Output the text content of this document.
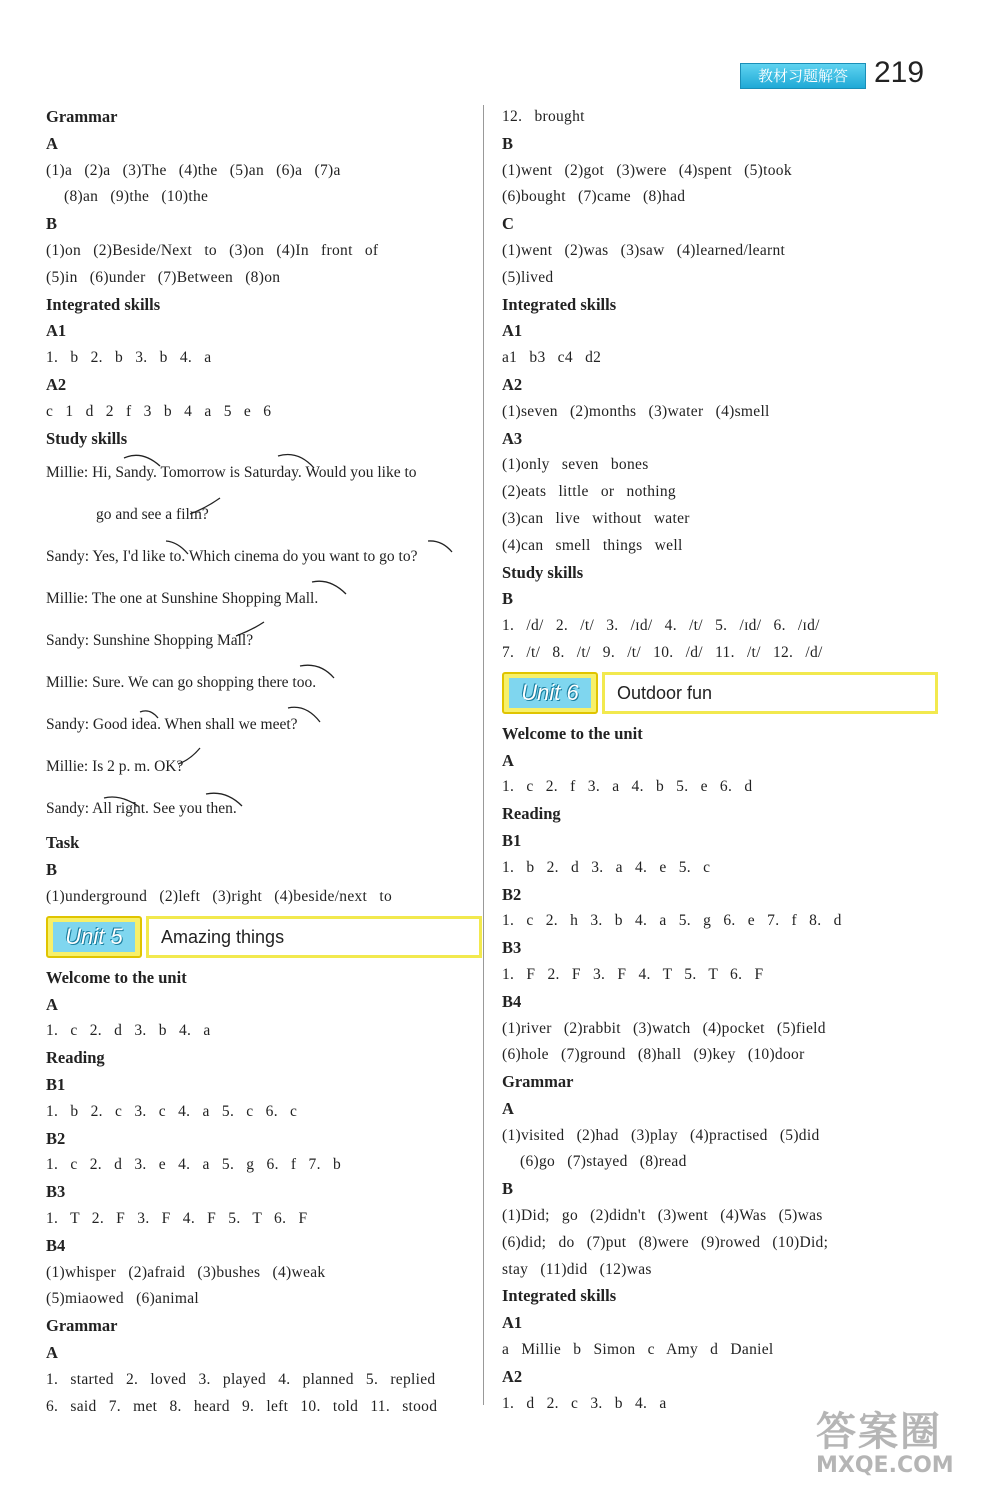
教材习题解答 219
Grammar
A
(1)a (2)a (3)The (4)the (5)an (6)a (7)a
(8)an (9)the (10)the
B
(1)on (2)Beside/Next to (3)on (4)In front of
(5)in (6)under (7)Between (8)on
Integrated skills
A1
1. b 2. b 3. b 4. a
A2
c 1 d 2 f 3 b 4 a 5 e 6
Study skills
Millie: Hi, Sandy. Tomorrow is Saturday. Would you like to
go and see a film?
Sandy: Yes, I'd like to. Which cinema do you want to go to?
Millie: The one at Sunshine Shopping Mall.
Sandy: Sunshine Shopping Mall?
Millie: Sure. We can go shopping there too.
Sandy: Good idea. When shall we meet?
Millie: Is 2 p. m. OK?
Sandy: All right. See you then.
Task
B
(1)underground (2)left (3)right (4)beside/next to
Unit 5	Amazing things
Welcome to the unit
A
1. c 2. d 3. b 4. a
Reading
B1
1. b 2. c 3. c 4. a 5. c 6. c
B2
1. c 2. d 3. e 4. a 5. g 6. f 7. b
B3
1. T 2. F 3. F 4. F 5. T 6. F
B4
(1)whisper (2)afraid (3)bushes (4)weak
(5)miaowed (6)animal
Grammar
A
1. started 2. loved 3. played 4. planned 5. replied
6. said 7. met 8. heard 9. left 10. told 11. stood
12. brought
B
(1)went (2)got (3)were (4)spent (5)took
(6)bought (7)came (8)had
C
(1)went (2)was (3)saw (4)learned/learnt
(5)lived
Integrated skills
A1
a1 b3 c4 d2
A2
(1)seven (2)months (3)water (4)smell
A3
(1)only seven bones
(2)eats little or nothing
(3)can live without water
(4)can smell things well
Study skills
B
1. /d/ 2. /t/ 3. /ɪd/ 4. /t/ 5. /ɪd/ 6. /ɪd/
7. /t/ 8. /t/ 9. /t/ 10. /d/ 11. /t/ 12. /d/
Unit 6	Outdoor fun
Welcome to the unit
A
1. c 2. f 3. a 4. b 5. e 6. d
Reading
B1
1. b 2. d 3. a 4. e 5. c
B2
1. c 2. h 3. b 4. a 5. g 6. e 7. f 8. d
B3
1. F 2. F 3. F 4. T 5. T 6. F
B4
(1)river (2)rabbit (3)watch (4)pocket (5)field
(6)hole (7)ground (8)hall (9)key (10)door
Grammar
A
(1)visited (2)had (3)play (4)practised (5)did
(6)go (7)stayed (8)read
B
(1)Did; go (2)didn't (3)went (4)Was (5)was
(6)did; do (7)put (8)were (9)rowed (10)Did;
stay (11)did (12)was
Integrated skills
A1
a Millie b Simon c Amy d Daniel
A2
1. d 2. c 3. b 4. a
答案圈
MXQE.COM
